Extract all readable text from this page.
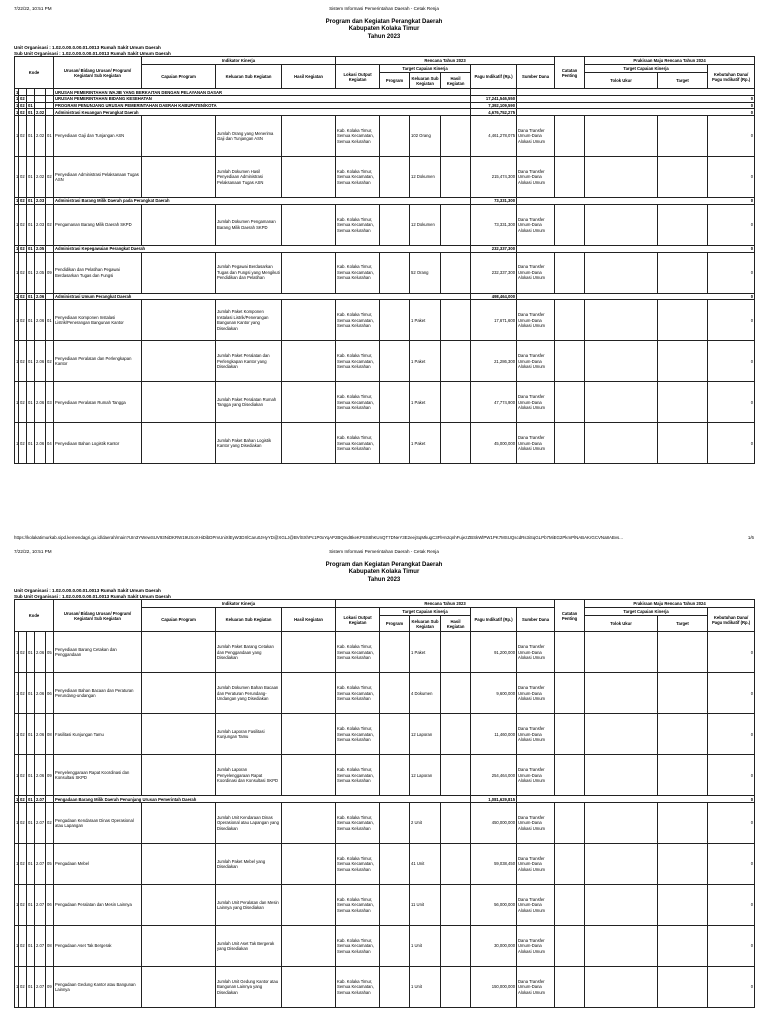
7/22/22, 10:51 PM	Sistem Informasi Pemerintahan Daerah - Cetak Renja
Program dan Kegiatan Perangkat Daerah
Kabupaten Kolaka Timur
Tahun 2023
Unit Organisasi : 1.02.0.00.0.00.01.0013 Rumah Sakit Umum Daerah
Sub Unit Organisasi : 1.02.0.00.0.00.01.0013 Rumah Sakit Umum Daerah
Kode					Urusan/ Bidang Urusan/ Program/ Kegiatan/ Sub Kegiatan	Indikator Kinerja			Rencana Tahun 2023						Catatan Penting	Prakiraan Maju Rencana Tahun 2024		
						Capaian Program	Keluaran Sub Kegiatan	Hasil Kegiatan	Lokasi Output Kegiatan	Target Capaian Kinerja			Pagu Indikatif (Rp.)	Sumber Dana		Target Capaian Kinerja		Kebutuhan Dana/ Pagu Indikatif (Rp.)
										Program	Keluaran Sub Kegiatan	Hasil Kegiatan				Tolok Ukur	Target	
1					URUSAN PEMERINTAHAN WAJIB YANG BERKAITAN DENGAN PELAYANAN DASAR													
1	02				URUSAN PEMERINTAHAN BIDANG KESEHATAN								17,241,546,550	0				
1	02	01			PROGRAM PENUNJANG URUSAN PEMERINTAHAN DAERAH KABUPATEN/KOTA								7,392,109,590	0				
1	02	01	2.02		Administrasi Keuangan Perangkat Daerah								4,676,752,275	0				
1	02	01	2.02	01	Penyediaan Gaji dan Tunjangan ASN		Jumlah Orang yang Menerima Gaji dan Tunjangan ASN		Kab. Kolaka Timur, Semua Kecamatan, Semua Kelurahan		102 Orang		4,461,278,075	Dana Transfer Umum-Dana Alokasi Umum				0
1	02	01	2.02	02	Penyediaan Administrasi Pelaksanaan Tugas ASN		Jumlah Dokumen Hasil Penyediaan Administrasi Pelaksanaan Tugas ASN		Kab. Kolaka Timur, Semua Kecamatan, Semua Kelurahan		12 Dokumen		215,474,300	Dana Transfer Umum-Dana Alokasi Umum				0
1	02	01	2.03		Administrasi Barang Milik Daerah pada Perangkat Daerah								73,331,300	0				
1	02	01	2.03	02	Pengamanan Barang Milik Daerah SKPD		Jumlah Dokumen Pengamanan Barang Milik Daerah SKPD		Kab. Kolaka Timur, Semua Kecamatan, Semua Kelurahan		12 Dokumen		73,331,300	Dana Transfer Umum-Dana Alokasi Umum				0
1	02	01	2.05		Administrasi Kepegawaian Perangkat Daerah								232,337,300	0				
1	02	01	2.05	09	Pendidikan dan Pelatihan Pegawai Berdasarkan Tugas dan Fungsi		Jumlah Pegawai Berdasarkan Tugas dan Fungsi yang Mengikuti Pendidikan dan Pelatihan		Kab. Kolaka Timur, Semua Kecamatan, Semua Kelurahan		52 Orang		232,337,300	Dana Transfer Umum-Dana Alokasi Umum				0
1	02	01	2.06		Administrasi Umum Perangkat Daerah								498,464,000	0				
1	02	01	2.06	01	Penyediaan Komponen Instalasi Listrik/Penerangan Bangunan Kantor		Jumlah Paket Komponen Instalasi Listrik/Penerangan Bangunan Kantor yang Disediakan		Kab. Kolaka Timur, Semua Kecamatan, Semua Kelurahan		1 Paket		17,671,600	Dana Transfer Umum-Dana Alokasi Umum				0
1	02	01	2.06	02	Penyediaan Peralatan dan Perlengkapan Kantor		Jumlah Paket Peralatan dan Perlengkapan Kantor yang Disediakan		Kab. Kolaka Timur, Semua Kecamatan, Semua Kelurahan		1 Paket		21,286,300	Dana Transfer Umum-Dana Alokasi Umum				0
1	02	01	2.06	03	Penyediaan Peralatan Rumah Tangga		Jumlah Paket Peralatan Rumah Tangga yang Disediakan		Kab. Kolaka Timur, Semua Kecamatan, Semua Kelurahan		1 Paket		47,774,900	Dana Transfer Umum-Dana Alokasi Umum				0
1	02	01	2.06	04	Penyediaan Bahan Logistik Kantor		Jumlah Paket Bahan Logistik Kantor yang Disediakan		Kab. Kolaka Timur, Semua Kecamatan, Semua Kelurahan		1 Paket		45,000,000	Dana Transfer Umum-Dana Alokasi Umum				0
https://kolakatimurkab.sipd.kemendagri.go.id/daerah/main?UIn3YWewSUV93NiDKRW19USoXHiDibDPmUniXlEyW3DXlCaru0JHyYD@XGLJ@BVlSXhPc1P0xYqAP2BQmd8keKPSS8hKUnQT7DNeY3E2eejSqMkugC3FlHn2qnhFujezZBSkWlPW1PK7MSUQscdRs3iSqGLPb7MiEG2PkmPlNABAKrGCVNa8ABvs...	1/6
7/22/22, 10:51 PM	Sistem Informasi Pemerintahan Daerah - Cetak Renja
Program dan Kegiatan Perangkat Daerah
Kabupaten Kolaka Timur
Tahun 2023
Unit Organisasi : 1.02.0.00.0.00.01.0013 Rumah Sakit Umum Daerah
Sub Unit Organisasi : 1.02.0.00.0.00.01.0013 Rumah Sakit Umum Daerah
Kode					Urusan/ Bidang Urusan/ Program/ Kegiatan/ Sub Kegiatan	Indikator Kinerja			Rencana Tahun 2023						Catatan Penting	Prakiraan Maju Rencana Tahun 2024		
						Capaian Program	Keluaran Sub Kegiatan	Hasil Kegiatan	Lokasi Output Kegiatan	Target Capaian Kinerja			Pagu Indikatif (Rp.)	Sumber Dana		Target Capaian Kinerja		Kebutuhan Dana/ Pagu Indikatif (Rp.)
										Program	Keluaran Sub Kegiatan	Hasil Kegiatan				Tolok Ukur	Target	
1	02	01	2.06	05	Penyediaan Barang Cetakan dan Penggandaan		Jumlah Paket Barang Cetakan dan Penggandaan yang Disediakan		Kab. Kolaka Timur, Semua Kecamatan, Semua Kelurahan		1 Paket		91,200,000	Dana Transfer Umum-Dana Alokasi Umum				0
1	02	01	2.06	06	Penyediaan Bahan Bacaan dan Peraturan Perundang-undangan		Jumlah Dokumen Bahan Bacaan dan Peraturan Perundang-Undangan yang Disediakan		Kab. Kolaka Timur, Semua Kecamatan, Semua Kelurahan		4 Dokumen		9,600,000	Dana Transfer Umum-Dana Alokasi Umum				0
1	02	01	2.06	08	Fasilitasi Kunjungan Tamu		Jumlah Laporan Fasilitasi Kunjungan Tamu		Kab. Kolaka Timur, Semua Kecamatan, Semua Kelurahan		12 Laporan		11,460,000	Dana Transfer Umum-Dana Alokasi Umum				0
1	02	01	2.06	09	Penyelenggaraan Rapat Koordinasi dan Konsultasi SKPD		Jumlah Laporan Penyelenggaraan Rapat Koordinasi dan Konsultasi SKPD		Kab. Kolaka Timur, Semua Kecamatan, Semua Kelurahan		12 Laporan		254,464,000	Dana Transfer Umum-Dana Alokasi Umum				0
1	02	01	2.07		Pengadaan Barang Milik Daerah Penunjang Urusan Pemerintah Daerah								1,081,629,815	0				
1	02	01	2.07	02	Pengadaan Kendaraan Dinas Operasional atau Lapangan		Jumlah Unit Kendaraan Dinas Operasional atau Lapangan yang Disediakan		Kab. Kolaka Timur, Semua Kecamatan, Semua Kelurahan		2 Unit		450,000,000	Dana Transfer Umum-Dana Alokasi Umum				0
1	02	01	2.07	05	Pengadaan Mebel		Jumlah Paket Mebel yang Disediakan		Kab. Kolaka Timur, Semua Kecamatan, Semua Kelurahan		41 Unit		59,038,450	Dana Transfer Umum-Dana Alokasi Umum				0
1	02	01	2.07	06	Pengadaan Peralatan dan Mesin Lainnya		Jumlah Unit Peralatan dan Mesin Lainnya yang Disediakan		Kab. Kolaka Timur, Semua Kecamatan, Semua Kelurahan		11 Unit		56,000,000	Dana Transfer Umum-Dana Alokasi Umum				0
1	02	01	2.07	08	Pengadaan Aset Tak Bergerak		Jumlah Unit Aset Tak Bergerak yang Disediakan		Kab. Kolaka Timur, Semua Kecamatan, Semua Kelurahan		1 Unit		30,000,000	Dana Transfer Umum-Dana Alokasi Umum				0
1	02	01	2.07	09	Pengadaan Gedung Kantor atau Bangunan Lainnya		Jumlah Unit Gedung Kantor atau Bangunan Lainnya yang Disediakan		Kab. Kolaka Timur, Semua Kecamatan, Semua Kelurahan		1 Unit		150,000,000	Dana Transfer Umum-Dana Alokasi Umum				0
